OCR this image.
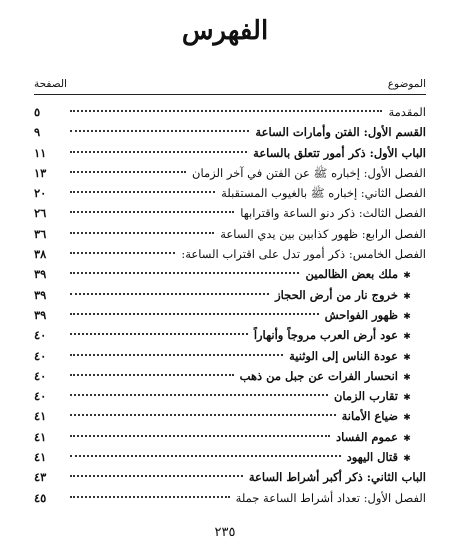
الفهرس
الموضوع
الصفحة
المقدمة
٥
القسم الأول: الفتن وأمارات الساعة
٩
الباب الأول: ذكر أمور تتعلق بالساعة
١١
الفصل الأول: إخباره ﷺ عن الفتن في آخر الزمان
١٣
الفصل الثاني: إخباره ﷺ بالغيوب المستقبلة
٢٠
الفصل الثالث: ذكر دنو الساعة واقترابها
٢٦
الفصل الرابع: ظهور كذابين بين يدي الساعة
٣٦
الفصل الخامس: ذكر أمور تدل على اقتراب الساعة:
٣٨
✱
ملك بعض الظالمين
٣٩
✱
خروج نار من أرض الحجاز
٣٩
✱
ظهور الفواحش
٣٩
✱
عود أرض العرب مروجاً وأنهاراً
٤٠
✱
عودة الناس إلى الوثنية
٤٠
✱
انحسار الفرات عن جبل من ذهب
٤٠
✱
تقارب الزمان
٤٠
✱
ضياع الأمانة
٤١
✱
عموم الفساد
٤١
✱
قتال اليهود
٤١
الباب الثاني: ذكر أكبر أشراط الساعة
٤٣
الفصل الأول: تعداد أشراط الساعة جملة
٤٥
٢٣٥
